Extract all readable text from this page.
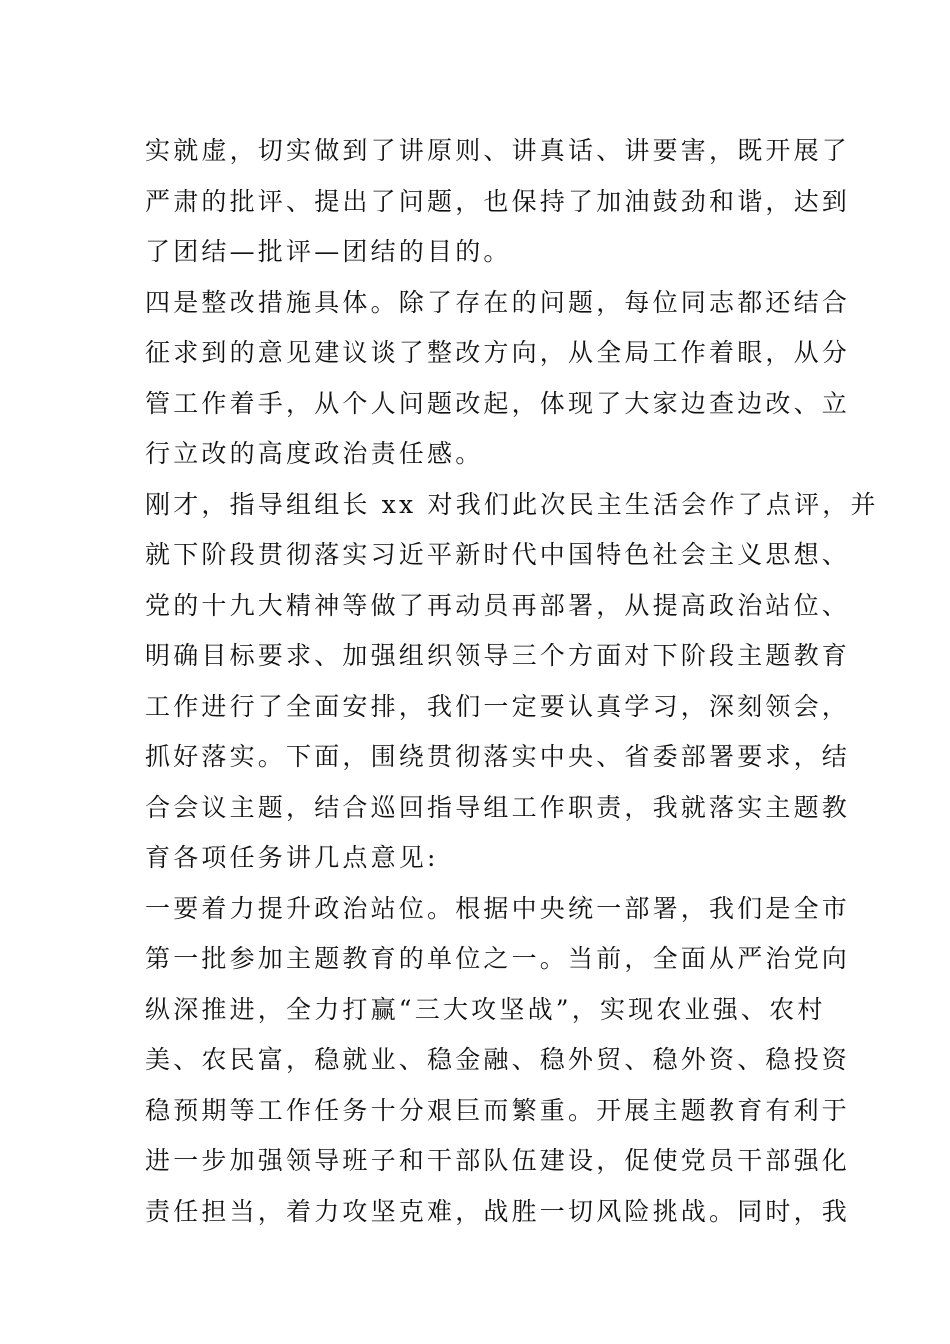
实就虚，切实做到了讲原则、讲真话、讲要害，既开展了
严肃的批评、提出了问题，也保持了加油鼓劲和谐，达到
了团结—批评—团结的目的。
四是整改措施具体。除了存在的问题，每位同志都还结合
征求到的意见建议谈了整改方向，从全局工作着眼，从分
管工作着手，从个人问题改起，体现了大家边查边改、立
行立改的高度政治责任感。
刚才，指导组组长 xx 对我们此次民主生活会作了点评，并
就下阶段贯彻落实习近平新时代中国特色社会主义思想、
党的十九大精神等做了再动员再部署，从提高政治站位、
明确目标要求、加强组织领导三个方面对下阶段主题教育
工作进行了全面安排，我们一定要认真学习，深刻领会，
抓好落实。下面，围绕贯彻落实中央、省委部署要求，结
合会议主题，结合巡回指导组工作职责，我就落实主题教
育各项任务讲几点意见:
一要着力提升政治站位。根据中央统一部署，我们是全市
第一批参加主题教育的单位之一。当前，全面从严治党向
纵深推进，全力打赢“三大攻坚战”，实现农业强、农村
美、农民富，稳就业、稳金融、稳外贸、稳外资、稳投资
稳预期等工作任务十分艰巨而繁重。开展主题教育有利于
进一步加强领导班子和干部队伍建设，促使党员干部强化
责任担当，着力攻坚克难，战胜一切风险挑战。同时，我
